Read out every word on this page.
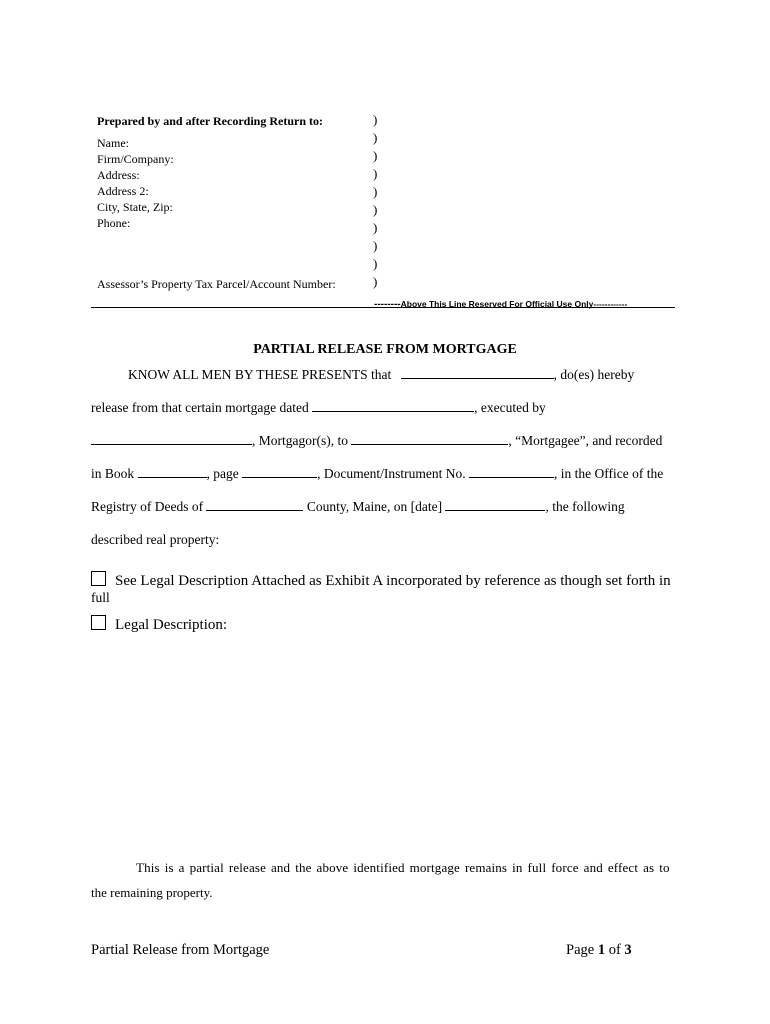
Prepared by and after Recording Return to:
Name:
Firm/Company:
Address:
Address 2:
City, State, Zip:
Phone:
Assessor’s Property Tax Parcel/Account Number:
)
)
)
)
)
)
)
)
)
)
--------Above This Line Reserved For Official Use Only------------
PARTIAL RELEASE FROM MORTGAGE
KNOW ALL MEN BY THESE PRESENTS that	, do(es) hereby
release from that certain mortgage dated	, executed by
, Mortgagor(s), to	, “Mortgagee”, and recorded
in Book	, page	, Document/Instrument No.	, in the Office of the
Registry of Deeds of	County, Maine, on [date]	, the following
described real property:
See Legal Description Attached as Exhibit A incorporated by reference as though set forth in
full
Legal Description:
This is a partial release and the above identified mortgage remains in full force and effect as to
the remaining property.
Partial Release from Mortgage	Page 1 of 3
